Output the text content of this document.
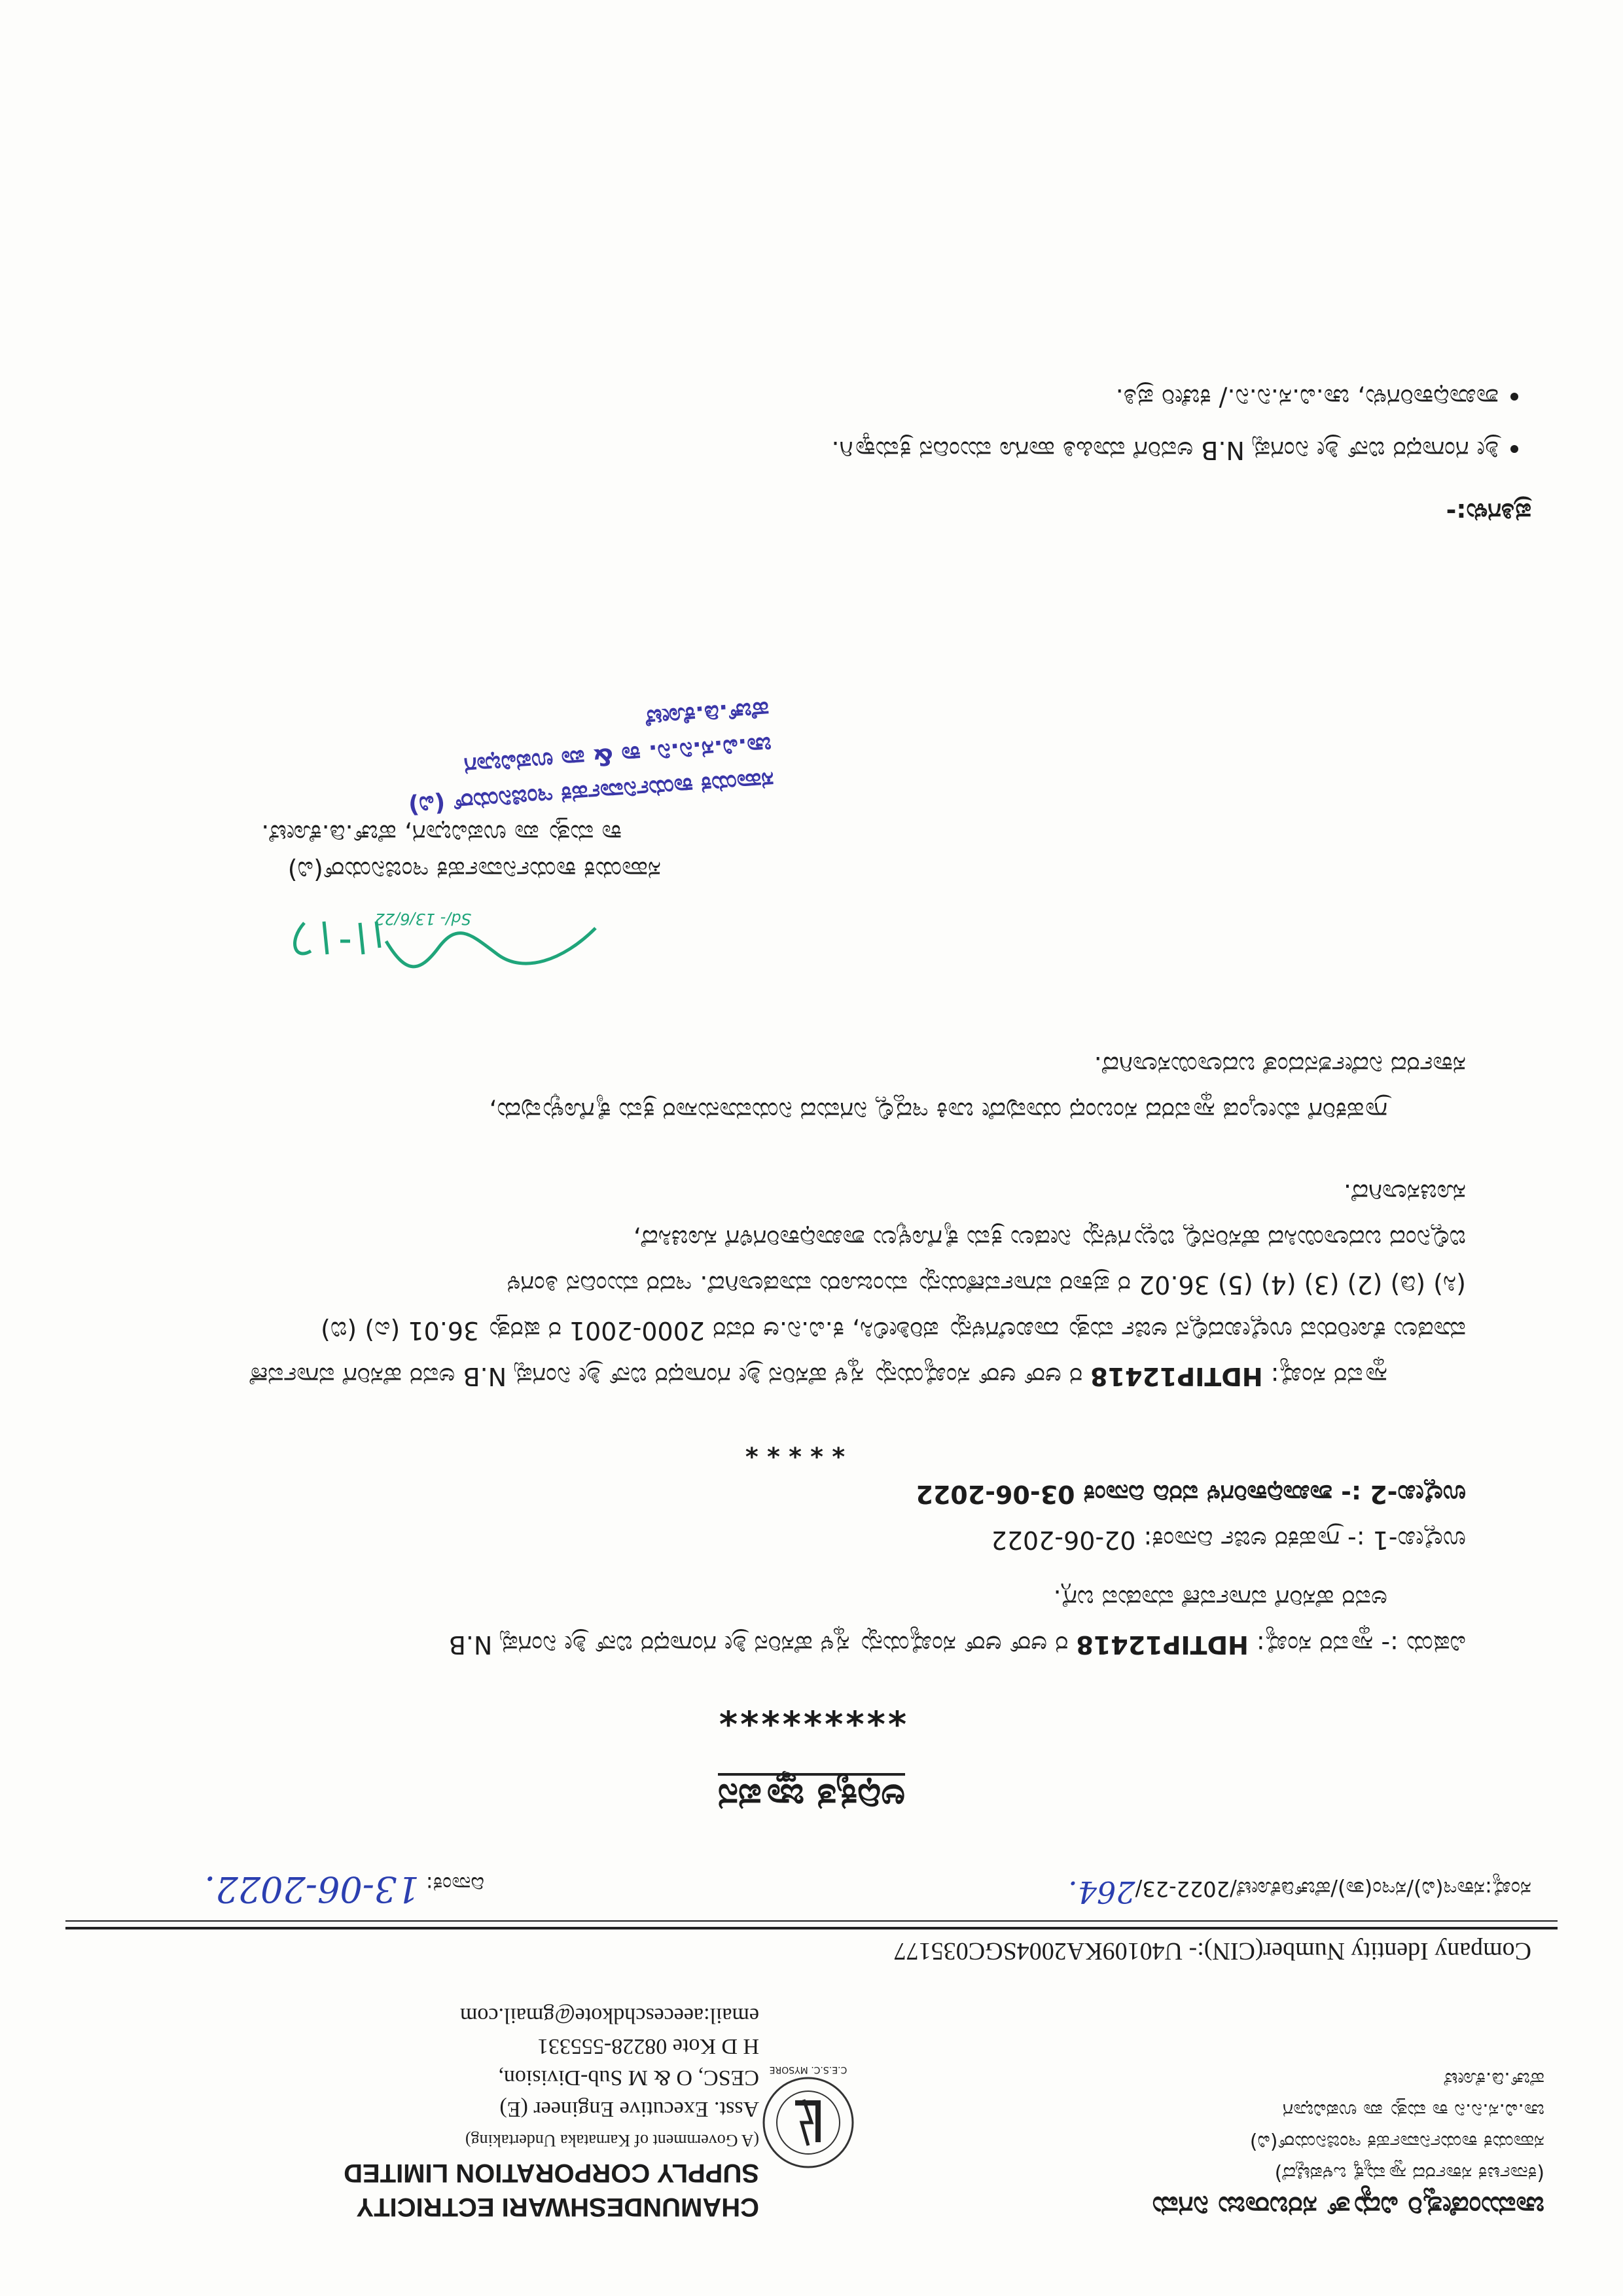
ಚಾಮುಂಡೇಶ್ವರಿ ವಿದ್ಯುತ್ ಸರಬರಾಜು ನಿಗಮ
(ಕರ್ನಾಟಕ ಸರ್ಕಾರದ ಸ್ವಾಮ್ಯಕ್ಕೆ ಒಳಪಟ್ಟಿದೆ)
ಸಹಾಯಕ ಕಾರ್ಯನಿರ್ವಾಹಕ ಇಂಜಿನಿಯರ್(ವಿ)
ಚಾ.ವಿ.ಸ.ನಿ.ನಿ ಕಾ ಮತ್ತು ಪಾ ಉಪವಿಭಾಗ
ಹೆಚ್.ಡಿ.ಕೋಟೆ
C.E.S.C. MYSORE
CHAMUNDESHWARI ECTRICITY
SUPPLY CORPORATION LIMITED
(A Government of Karnataka Undertaking)
Asst. Executive Engineer (E)
CESC, O & M Sub-Division,
H D Kote 08228-555331
email:aeeceschdkote@gmail.com
Company Identity Number(CIN):- U40109KA2004SGC035177
ಸಂಖ್ಯೆ:ಸಕಾಇ(ವಿ)/ಸಇಂ(ತಾ)/ಹೆಚ್‌ಡಿಕೋಟೆ/2022-23/264.
ದಿನಾಂಕ: 13-06-2022.
ಅಧಿಕೃತ ಜ್ಞಾಪನ
*********
ವಿಷಯ :- ಸ್ಥಾವರ ಸಂಖ್ಯೆ: HDTIP12418 ರ ಆರ್ ಆರ್ ಸಂಖ್ಯೆಯನ್ನು ಸ್ಥಳ ಹೆಸರಿನ ಶ್ರೀ ಗಂಗಾಧರ ಬಿನ್ ಶ್ರೀ ನಿಂಗಪ್ಪ N.B
ಅವರ ಹೆಸರಿಗೆ ವರ್ಗಾವಣೆ ಮಾಡುವ ಬಗ್ಗೆ.
ಉಲ್ಲೇಖ-1 :- ಗ್ರಾಹಕರ ಅರ್ಜಿ ದಿನಾಂಕ: 02-06-2022
ಉಲ್ಲೇಖ-2 :- ಶಾಖಾಧಿಕಾರಿಗಳ ವರದಿ ದಿನಾಂಕ 03-06-2022
* * * * *
ಸ್ಥಾವರ ಸಂಖ್ಯೆ: HDTIP12418 ರ ಆರ್ ಆರ್ ಸಂಖ್ಯೆಯನ್ನು ಸ್ಥಳ ಹೆಸರಿನ ಶ್ರೀ ಗಂಗಾಧರ ಬಿನ್ ಶ್ರೀ ನಿಂಗಪ್ಪ N.B ಅವರ ಹೆಸರಿಗೆ ವರ್ಗಾವಣೆ
ಮಾಡಲು ಕೋರಿರುವ ಉಲ್ಲೇಖದಲ್ಲಿನ ಅರ್ಜಿ ಮತ್ತು ದಾಖಲೆಗಳನ್ನು ಪರಿಶೀಲಿಸಿ, ಕ.ವಿ.ನಿ.ಆ ರವರ 2000-2001 ರ ಷರತ್ತು 36.01 (ಎ) (ಬಿ)
(ಸಿ) (ಡಿ) (2) (3) (4) (5) 36.02 ರ ಪ್ರಕಾರ ವರ್ಗಾವಣೆಯನ್ನು ಮಂಜೂರು ಮಾಡಲಾಗಿದೆ. ಇದರ ಮುಂದಿನ ತಿಂಗಳ
ಬಿಲ್ಲಿನಿಂದ ಬದಲಾಯಿಸಿದ ಹೆಸರಿನಲ್ಲಿ ಬಿಲ್ಲುಗಳನ್ನು ನೀಡಲು ಕ್ರಮ ಕೈಗೊಳ್ಳಲು ಶಾಖಾಧಿಕಾರಿಗಳಿಗೆ ಸೂಚಿಸಿದೆ,
ಸೂಚಿಸಲಾಗಿದೆ.
ಗ್ರಾಹಕರಿಗೆ ಮೇಲ್ಕಂಡ ಸ್ಥಾವರದ ಸಂಬಂಧ ಯಾವುದೇ ಬಾಕಿ ಇದ್ದಲ್ಲಿ ನಿಗಮದ ನಿಯಮಾನುಸಾರ ಕ್ರಮ ಕೈಗೊಳ್ಳುವುದು,
ಸರ್ಕಾರದ ನಿರ್ದೇಶನದಂತೆ ಬದಲಾಯಿಸಲಾಗಿದೆ.
Sd/- 13/6/22
ಸಹಾಯಕ ಕಾರ್ಯನಿರ್ವಾಹಕ ಇಂಜಿನಿಯರ್(ವಿ)
ಕಾ ಮತ್ತು ಪಾ ಉಪವಿಭಾಗ, ಹೆಚ್.ಡಿ.ಕೋಟೆ.
ಸಹಾಯಕ ಕಾರ್ಯನಿರ್ವಾಹಕ ಇಂಜಿನಿಯರ್ (ವಿ)
ಚಾ.ವಿ.ಸ.ನಿ.ನಿ. ಕಾ & ಪಾ ಉಪವಿಭಾಗ
ಹೆಚ್.ಡಿ.ಕೋಟೆ
ಪ್ರತಿಗಳು:-
• ಶ್ರೀ ಗಂಗಾಧರ ಬಿನ್ ಶ್ರೀ ನಿಂಗಪ್ಪ N.B ಅವರಿಗೆ ಮಾಹಿತಿ ಹಾಗೂ ಮುಂದಿನ ಕ್ರಮಕ್ಕಾಗಿ.
• ಶಾಖಾಧಿಕಾರಿಗಳು, ಚಾ.ವಿ.ಸ.ನಿ.ನಿ./ ಕಚೇರಿ ಪ್ರತಿ.
